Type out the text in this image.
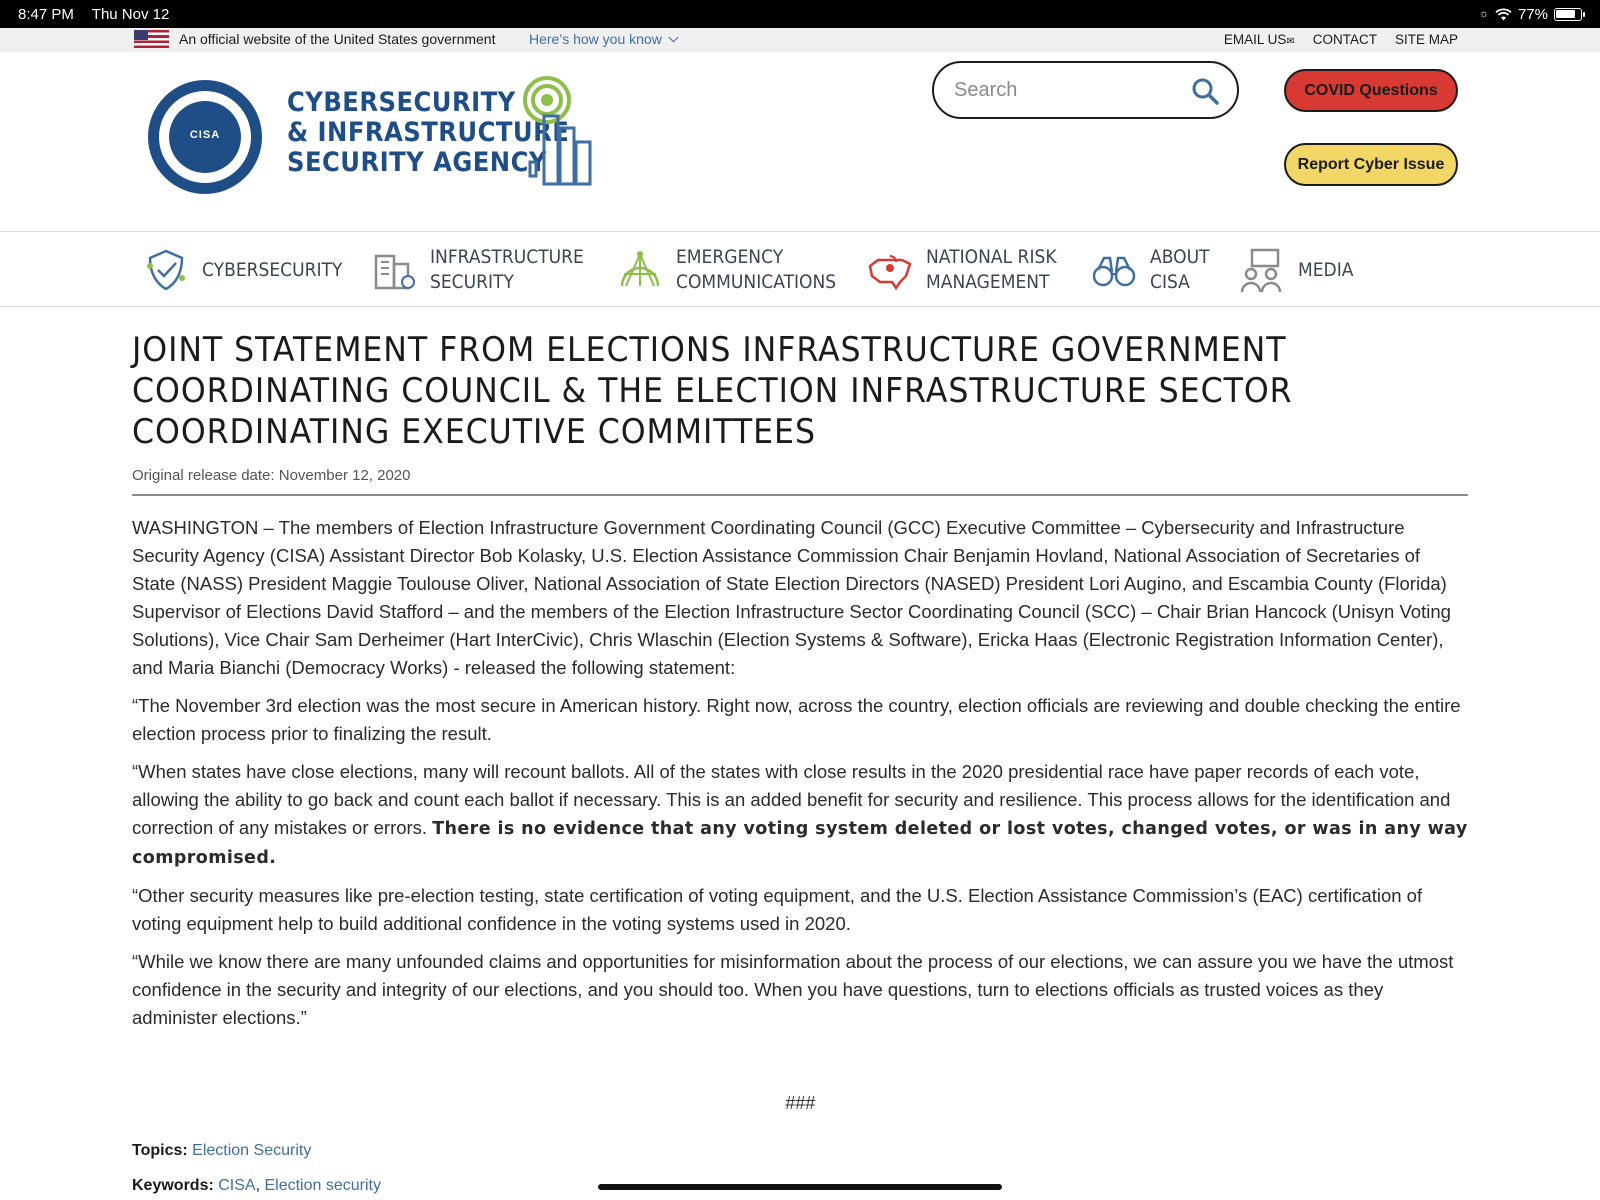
8:47 PM Thu Nov 12	☼ 77%
An official website of the United States government Here’s how you know	EMAIL US✉ CONTACT SITE MAP
CISA
CYBERSECURITY
& INFRASTRUCTURE
SECURITY AGENCY
Search
COVID Questions
Report Cyber Issue
CYBERSECURITY
INFRASTRUCTURE
SECURITY
EMERGENCY
COMMUNICATIONS
NATIONAL RISK
MANAGEMENT
ABOUT
CISA
MEDIA
JOINT STATEMENT FROM ELECTIONS INFRASTRUCTURE GOVERNMENT COORDINATING COUNCIL & THE ELECTION INFRASTRUCTURE SECTOR COORDINATING EXECUTIVE COMMITTEES
Original release date: November 12, 2020

WASHINGTON – The members of Election Infrastructure Government Coordinating Council (GCC) Executive Committee – Cybersecurity and Infrastructure Security Agency (CISA) Assistant Director Bob Kolasky, U.S. Election Assistance Commission Chair Benjamin Hovland, National Association of Secretaries of State (NASS) President Maggie Toulouse Oliver, National Association of State Election Directors (NASED) President Lori Augino, and Escambia County (Florida) Supervisor of Elections David Stafford – and the members of the Election Infrastructure Sector Coordinating Council (SCC) – Chair Brian Hancock (Unisyn Voting Solutions), Vice Chair Sam Derheimer (Hart InterCivic), Chris Wlaschin (Election Systems & Software), Ericka Haas (Electronic Registration Information Center), and Maria Bianchi (Democracy Works) - released the following statement:

“The November 3rd election was the most secure in American history. Right now, across the country, election officials are reviewing and double checking the entire election process prior to finalizing the result.

“When states have close elections, many will recount ballots. All of the states with close results in the 2020 presidential race have paper records of each vote, allowing the ability to go back and count each ballot if necessary. This is an added benefit for security and resilience. This process allows for the identification and correction of any mistakes or errors. There is no evidence that any voting system deleted or lost votes, changed votes, or was in any way compromised.

“Other security measures like pre-election testing, state certification of voting equipment, and the U.S. Election Assistance Commission’s (EAC) certification of voting equipment help to build additional confidence in the voting systems used in 2020.

“While we know there are many unfounded claims and opportunities for misinformation about the process of our elections, we can assure you we have the utmost confidence in the security and integrity of our elections, and you should too. When you have questions, turn to elections officials as trusted voices as they administer elections.”

###
Topics: Election Security
Keywords: CISA, Election security
